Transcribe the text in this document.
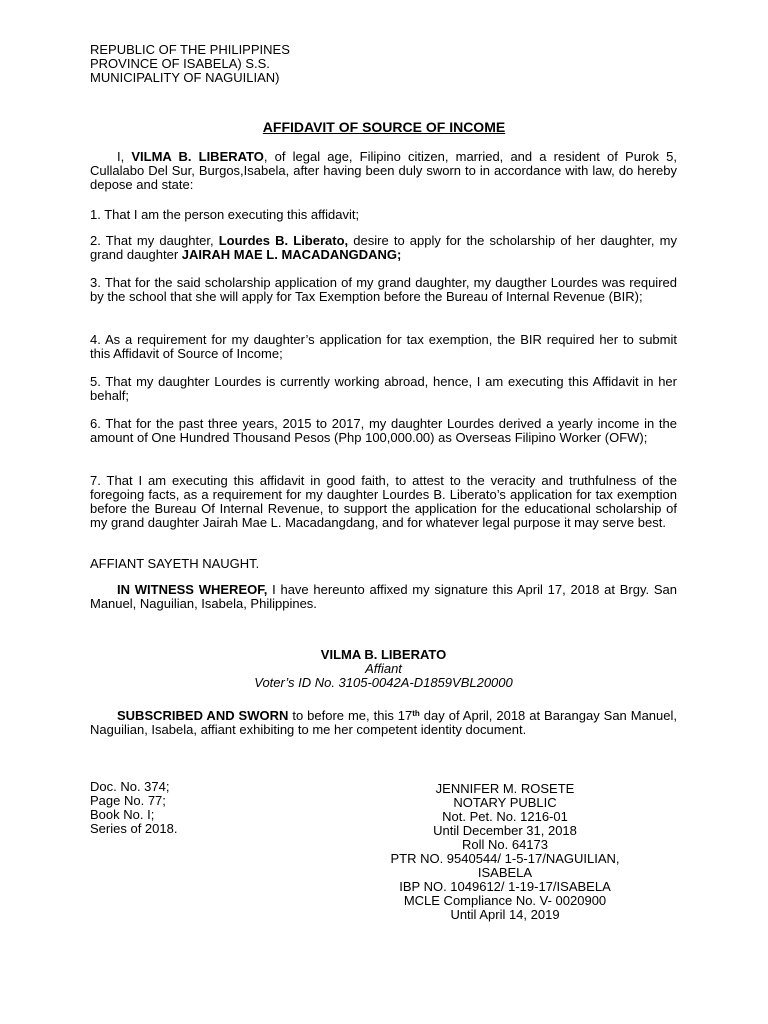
REPUBLIC OF THE PHILIPPINES
PROVINCE OF ISABELA) S.S.
MUNICIPALITY OF NAGUILIAN)
AFFIDAVIT OF SOURCE OF INCOME
I, VILMA B. LIBERATO, of legal age, Filipino citizen, married, and a resident of Purok 5, Cullalabo Del Sur, Burgos,Isabela, after having been duly sworn to in accordance with law, do hereby depose and state:
1. That I am the person executing this affidavit;
2. That my daughter, Lourdes B. Liberato, desire to apply for the scholarship of her daughter, my grand daughter JAIRAH MAE L. MACADANGDANG;
3. That for the said scholarship application of my grand daughter, my daugther Lourdes was required by the school that she will apply for Tax Exemption before the Bureau of Internal Revenue (BIR);
4. As a requirement for my daughter’s application for tax exemption, the BIR required her to submit this Affidavit of Source of Income;
5. That my daughter Lourdes is currently working abroad, hence, I am executing this Affidavit in her behalf;
6. That for the past three years, 2015 to 2017, my daughter Lourdes derived a yearly income in the amount of One Hundred Thousand Pesos (Php 100,000.00) as Overseas Filipino Worker (OFW);
7. That I am executing this affidavit in good faith, to attest to the veracity and truthfulness of the foregoing facts, as a requirement for my daughter Lourdes B. Liberato’s application for tax exemption before the Bureau Of Internal Revenue, to support the application for the educational scholarship of my grand daughter Jairah Mae L. Macadangdang, and for whatever legal purpose it may serve best.
AFFIANT SAYETH NAUGHT.
IN WITNESS WHEREOF, I have hereunto affixed my signature this April 17, 2018 at Brgy. San Manuel, Naguilian, Isabela, Philippines.
VILMA B. LIBERATO
Affiant
Voter’s ID No. 3105-0042A-D1859VBL20000
SUBSCRIBED AND SWORN to before me, this 17th day of April, 2018 at Barangay San Manuel, Naguilian, Isabela, affiant exhibiting to me her competent identity document.
Doc. No. 374;
Page No. 77;
Book No. I;
Series of 2018.
JENNIFER M. ROSETE
NOTARY PUBLIC
Not. Pet. No. 1216-01
Until December 31, 2018
Roll No. 64173
PTR NO. 9540544/ 1-5-17/NAGUILIAN,
ISABELA
IBP NO. 1049612/ 1-19-17/ISABELA
MCLE Compliance No. V- 0020900
Until April 14, 2019
